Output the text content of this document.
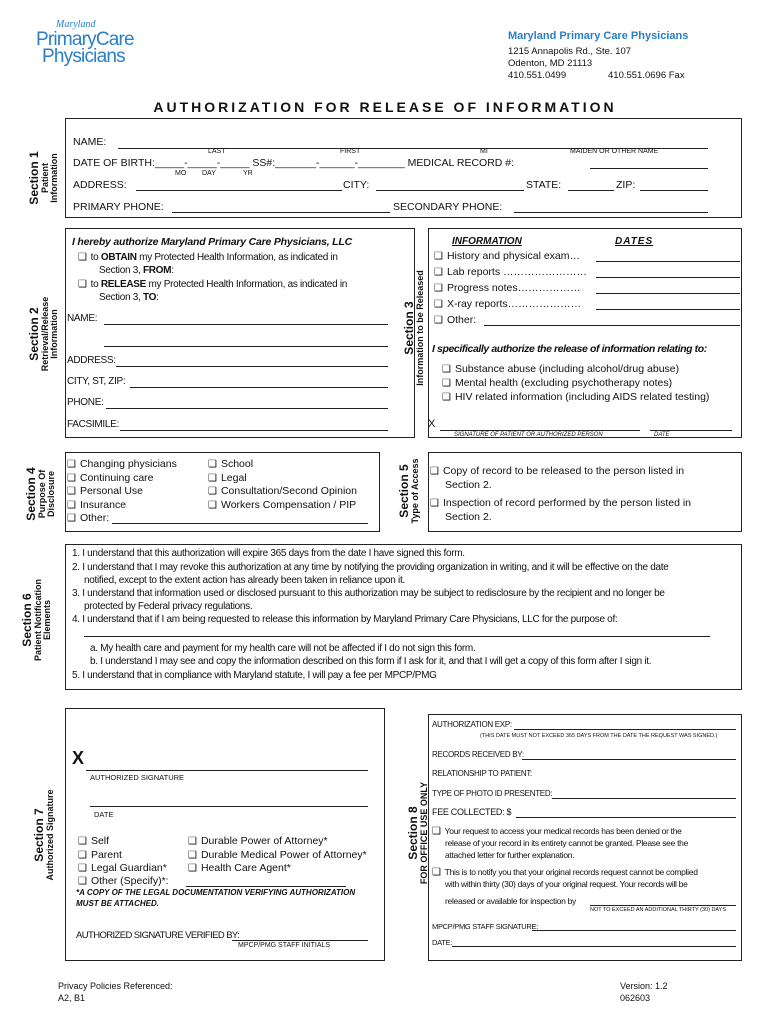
Maryland
PrimaryCare
Physicians
Maryland Primary Care Physicians
1215 Annapolis Rd., Ste. 107
Odenton, MD 21113
410.551.0499	410.551.0696 Fax
AUTHORIZATION FOR RELEASE OF INFORMATION
Section 1
Patient Information
NAME:
LAST	FIRST	MI	MAIDEN OR OTHER NAME
DATE OF BIRTH:_____-_____-_____ SS#:_______-______-________ MEDICAL RECORD #:
MO DAY	YR
ADDRESS:	CITY:	STATE:	ZIP:
PRIMARY PHONE:	SECONDARY PHONE:
Section 2
Retrieval/Release Information
I hereby authorize Maryland Primary Care Physicians, LLC
❑ to OBTAIN my Protected Health Information, as indicated in
Section 3, FROM:
❑ to RELEASE my Protected Health Information, as indicated in
Section 3, TO:
NAME:
ADDRESS:
CITY, ST, ZIP:
PHONE:
FACSIMILE:
Section 3
Information to be Released
INFORMATION	DATES
❑ History and physical exam…
❑ Lab reports ……………………
❑ Progress notes………………
❑ X-ray reports…………………
❑ Other:
I specifically authorize the release of information relating to:
❑ Substance abuse (including alcohol/drug abuse)
❑ Mental health (excluding psychotherapy notes)
❑ HIV related information (including AIDS related testing)
X
SIGNATURE OF PATIENT OR AUTHORIZED PERSON	DATE
Section 4
Purpose Of Disclosure
❑ Changing physicians
❑ Continuing care
❑ Personal Use
❑ Insurance
❑ Other:
❑ School
❑ Legal
❑ Consultation/Second Opinion
❑ Workers Compensation / PIP	Section 5
Type of Access
❑	Copy of record to be released to the person listed in
Section 2.
❑ Inspection of record performed by the person listed in
Section 2.
Section 6
Patient Notification Elements
1. I understand that this authorization will expire 365 days from the date I have signed this form.
2. I understand that I may revoke this authorization at any time by notifying the providing organization in writing, and it will be effective on the date
notified, except to the extent action has already been taken in reliance upon it.
3. I understand that information used or disclosed pursuant to this authorization may be subject to redisclosure by the recipient and no longer be
protected by Federal privacy regulations.
4. I understand that if I am being requested to release this information by Maryland Primary Care Physicians, LLC for the purpose of:
a. My health care and payment for my health care will not be affected if I do not sign this form.
b. I understand I may see and copy the information described on this form if I ask for it, and that I will get a copy of this form after I sign it.
5. I understand that in compliance with Maryland statute, I will pay a fee per MPCP/PMG
Section 7
Authorized Signature
X
AUTHORIZED SIGNATURE
DATE
❑ Self
❑ Parent
❑ Legal Guardian*
❑ Other (Specify)*:
❑ Durable Power of Attorney*
❑ Durable Medical Power of Attorney*
❑ Health Care Agent*
*A COPY OF THE LEGAL DOCUMENTATION VERIFYING AUTHORIZATION
MUST BE ATTACHED.
AUTHORIZED SIGNATURE VERIFIED BY:
MPCP/PMG STAFF INITIALS
Section 8
FOR OFFICE USE ONLY
AUTHORIZATION EXP:
(THIS DATE MUST NOT EXCEED 365 DAYS FROM THE DATE THE REQUEST WAS SIGNED.)
RECORDS RECEIVED BY:
RELATIONSHIP TO PATIENT:
TYPE OF PHOTO ID PRESENTED:
FEE COLLECTED: $
❑ Your request to access your medical records has been denied or the
release of your record in its entirety cannot be granted. Please see the
attached letter for further explanation.
❑ This is to notify you that your original records request cannot be complied
with within thirty (30) days of your original request. Your records will be
released or available for inspection by
NOT TO EXCEED AN ADDITIONAL THIRTY (30) DAYS
MPCP/PMG STAFF SIGNATURE:
DATE:
Privacy Policies Referenced:
A2, B1
Version: 1.2
062603
